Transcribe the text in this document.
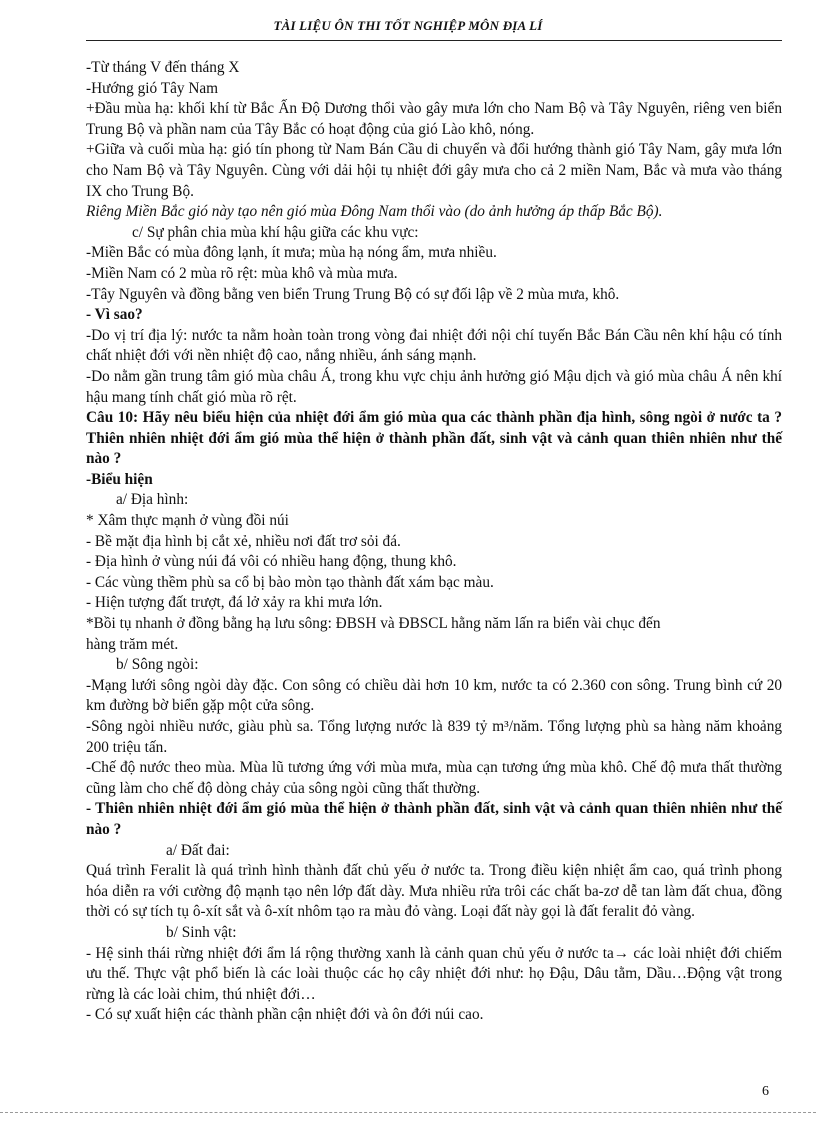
TÀI LIỆU ÔN THI TỐT NGHIỆP MÔN ĐỊA LÍ

-Từ tháng V đến tháng X

-Hướng gió Tây Nam

+Đầu mùa hạ: khối khí từ Bắc Ấn Độ Dương thổi vào gây mưa lớn cho Nam Bộ và Tây Nguyên, riêng ven biển Trung Bộ và phần nam của Tây Bắc có hoạt động của gió Lào khô, nóng.

+Giữa và cuối mùa hạ: gió tín phong từ Nam Bán Cầu di chuyển và đổi hướng thành gió Tây Nam, gây mưa lớn cho Nam Bộ và Tây Nguyên. Cùng với dải hội tụ nhiệt đới gây mưa cho cả 2 miền Nam, Bắc và mưa vào tháng IX cho Trung Bộ.

Riêng Miền Bắc gió này tạo nên gió mùa Đông Nam thổi vào (do ảnh hưởng áp thấp Bắc Bộ).

c/ Sự phân chia mùa khí hậu giữa các khu vực:

-Miền Bắc có mùa đông lạnh, ít mưa; mùa hạ nóng ẩm, mưa nhiều.

-Miền Nam có 2 mùa rõ rệt: mùa khô và mùa mưa.

-Tây Nguyên và đồng bằng ven biển Trung Trung Bộ có sự đối lập về 2 mùa mưa, khô.

- Vì sao?

-Do vị trí địa lý: nước ta nằm hoàn toàn trong vòng đai nhiệt đới nội chí tuyến Bắc Bán Cầu nên khí hậu có tính chất nhiệt đới với nền nhiệt độ cao, nắng nhiều, ánh sáng mạnh.

-Do nằm gần trung tâm gió mùa châu Á, trong khu vực chịu ảnh hưởng gió Mậu dịch và gió mùa châu Á nên khí hậu mang tính chất gió mùa rõ rệt.

Câu 10: Hãy nêu biểu hiện của nhiệt đới ẩm gió mùa qua các thành phần địa hình, sông ngòi ở nước ta ? Thiên nhiên nhiệt đới ẩm gió mùa thể hiện ở thành phần đất, sinh vật và cảnh quan thiên nhiên như thế nào ?

-Biểu hiện

a/ Địa hình:

* Xâm thực mạnh ở vùng đồi núi

- Bề mặt địa hình bị cắt xẻ, nhiều nơi đất trơ sỏi đá.

- Địa hình ở vùng núi đá vôi có nhiều hang động, thung khô.

- Các vùng thềm phù sa cổ bị bào mòn tạo thành đất xám bạc màu.

- Hiện tượng đất trượt, đá lở xảy ra khi mưa lớn.

*Bồi tụ nhanh ở đồng bằng hạ lưu sông: ĐBSH và ĐBSCL hằng năm lấn ra biển vài chục đến hàng trăm mét.

b/ Sông ngòi:

-Mạng lưới sông ngòi dày đặc. Con sông có chiều dài hơn 10 km, nước ta có 2.360 con sông. Trung bình cứ 20 km đường bờ biển gặp một cửa sông.

-Sông ngòi nhiều nước, giàu phù sa. Tổng lượng nước là 839 tỷ m³/năm. Tổng lượng phù sa hàng năm khoảng 200 triệu tấn.

-Chế độ nước theo mùa. Mùa lũ tương ứng với mùa mưa, mùa cạn tương ứng mùa khô. Chế độ mưa thất thường cũng làm cho chế độ dòng chảy của sông ngòi cũng thất thường.

- Thiên nhiên nhiệt đới ẩm gió mùa thể hiện ở thành phần đất, sinh vật và cảnh quan thiên nhiên như thế nào ?

a/ Đất đai:

Quá trình Feralit là quá trình hình thành đất chủ yếu ở nước ta. Trong điều kiện nhiệt ẩm cao, quá trình phong hóa diễn ra với cường độ mạnh tạo nên lớp đất dày. Mưa nhiều rửa trôi các chất ba-zơ dễ tan làm đất chua, đồng thời có sự tích tụ ô-xít sắt và ô-xít nhôm tạo ra màu đỏ vàng. Loại đất này gọi là đất feralit đỏ vàng.

b/ Sinh vật:

- Hệ sinh thái rừng nhiệt đới ẩm lá rộng thường xanh là cảnh quan chủ yếu ở nước ta→ các loài nhiệt đới chiếm ưu thế. Thực vật phổ biến là các loài thuộc các họ cây nhiệt đới như: họ Đậu, Dâu tằm, Dầu…Động vật trong rừng là các loài chim, thú nhiệt đới…

- Có sự xuất hiện các thành phần cận nhiệt đới và ôn đới núi cao.

6
